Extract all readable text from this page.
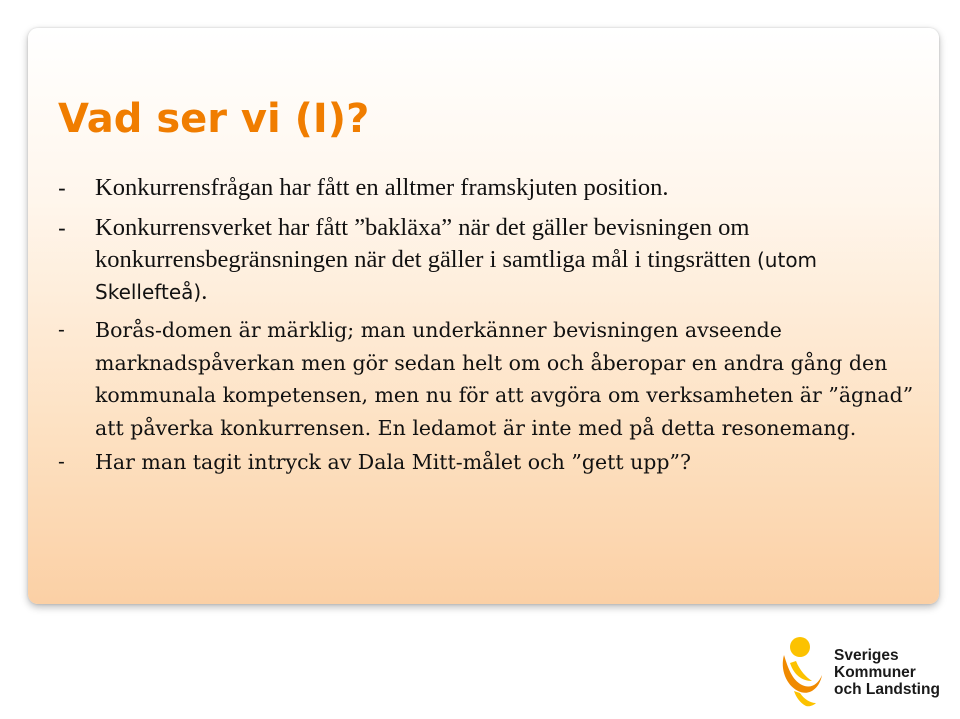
Vad ser vi (I)?
- Konkurrensfrågan har fått en alltmer framskjuten position.
- Konkurrensverket har fått ”bakläxa” när det gäller bevisningen om konkurrensbegränsningen när det gäller i samtliga mål i tingsrätten (utom Skellefteå).
- Borås-domen är märklig; man underkänner bevisningen avseende marknadspåverkan men gör sedan helt om och åberopar en andra gång den kommunala kompetensen, men nu för att avgöra om verksamheten är ”ägnad” att påverka konkurrensen. En ledamot är inte med på detta resonemang.
- Har man tagit intryck av Dala Mitt-målet och ”gett upp”?
Sveriges
Kommuner
och Landsting
